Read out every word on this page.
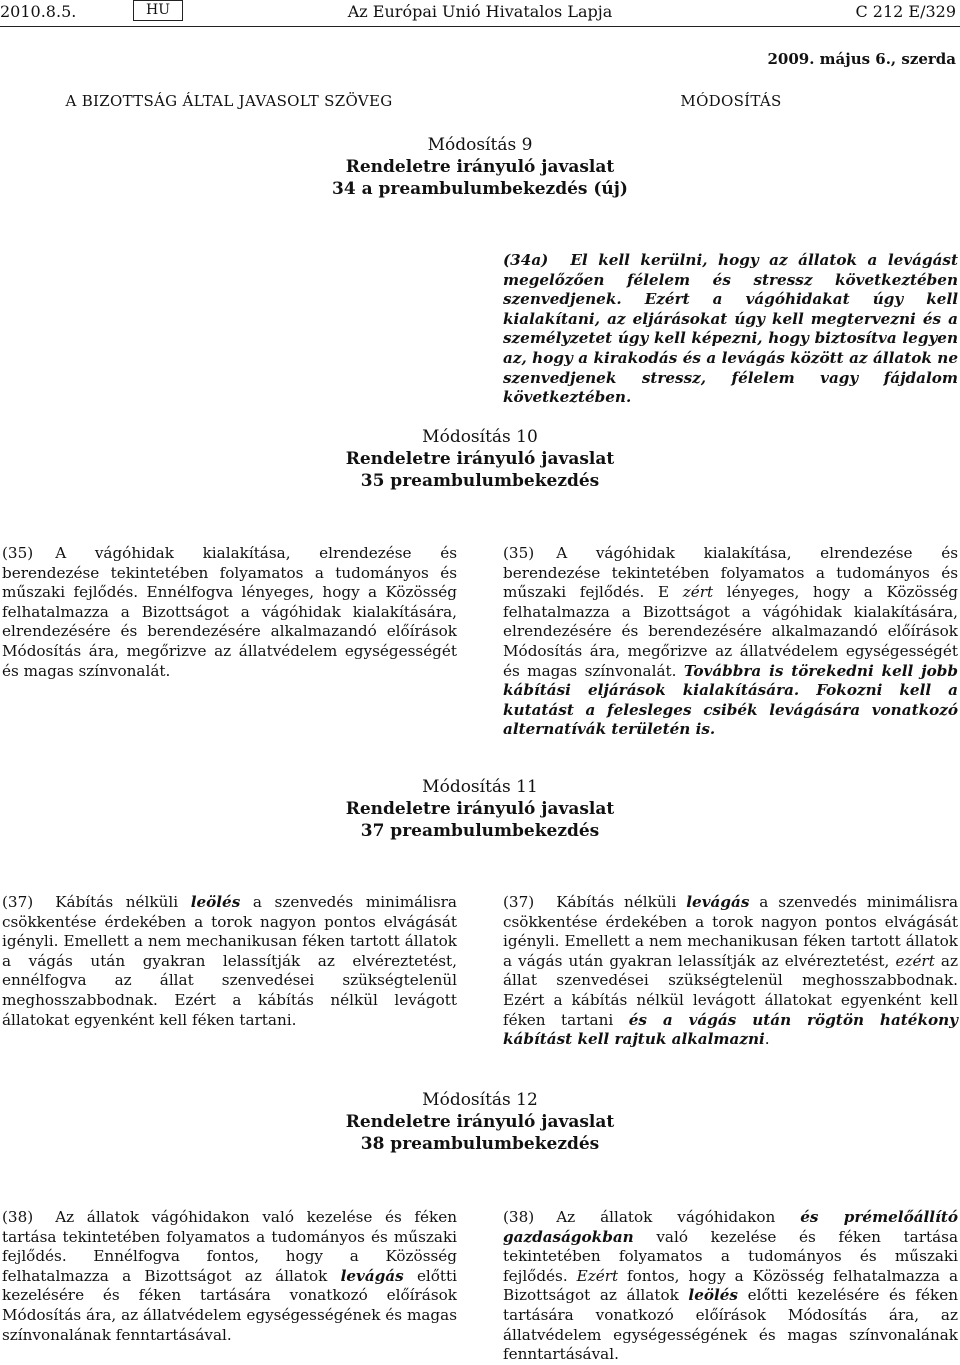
2010.8.5.	HU	Az Európai Unió Hivatalos Lapja	C 212 E/329
2009. május 6., szerda
A BIZOTTSÁG ÁLTAL JAVASOLT SZÖVEG	MÓDOSÍTÁS
Módosítás 9
Rendeletre irányuló javaslat
34 a preambulumbekezdés (új)
(34a) El kell kerülni, hogy az állatok a levágást megelőzően félelem és stressz következtében szenvedjenek. Ezért a vágóhidakat úgy kell kialakítani, az eljárásokat úgy kell megtervezni és a személyzetet úgy kell képezni, hogy biztosítva legyen az, hogy a kirakodás és a levágás között az állatok ne szenvedjenek stressz, félelem vagy fájdalom következtében.
Módosítás 10
Rendeletre irányuló javaslat
35 preambulumbekezdés
(35) A vágóhidak kialakítása, elrendezése és berendezése tekintetében folyamatos a tudományos és műszaki fejlődés. Ennélfogva lényeges, hogy a Közösség felhatalmazza a Bizottságot a vágóhidak kialakítására, elrendezésére és berendezésére alkalmazandó előírások Módosítás ára, megőrizve az állatvédelem egységességét és magas színvonalát.
(35) A vágóhidak kialakítása, elrendezése és berendezése tekintetében folyamatos a tudományos és műszaki fejlődés. E zért lényeges, hogy a Közösség felhatalmazza a Bizottságot a vágóhidak kialakítására, elrendezésére és berendezésére alkalmazandó előírások Módosítás ára, megőrizve az állatvédelem egységességét és magas színvonalát. Továbbra is törekedni kell jobb kábítási eljárások kialakítására. Fokozni kell a kutatást a felesleges csibék levágására vonatkozó alternatívák területén is.
Módosítás 11
Rendeletre irányuló javaslat
37 preambulumbekezdés
(37) Kábítás nélküli leölés a szenvedés minimálisra csökkentése érdekében a torok nagyon pontos elvágását igényli. Emellett a nem mechanikusan féken tartott állatok a vágás után gyakran lelassítják az elvéreztetést, ennélfogva az állat szenvedései szükségtelenül meghosszabbodnak. Ezért a kábítás nélkül levágott állatokat egyenként kell féken tartani.
(37) Kábítás nélküli levágás a szenvedés minimálisra csökkentése érdekében a torok nagyon pontos elvágását igényli. Emellett a nem mechanikusan féken tartott állatok a vágás után gyakran lelassítják az elvéreztetést, ezért az állat szenvedései szükségtelenül meghosszabbodnak. Ezért a kábítás nélkül levágott állatokat egyenként kell féken tartani és a vágás után rögtön hatékony kábítást kell rajtuk alkalmazni.
Módosítás 12
Rendeletre irányuló javaslat
38 preambulumbekezdés
(38) Az állatok vágóhidakon való kezelése és féken tartása tekintetében folyamatos a tudományos és műszaki fejlődés. Ennélfogva fontos, hogy a Közösség felhatalmazza a Bizottságot az állatok levágás előtti kezelésére és féken tartására vonatkozó előírások Módosítás ára, az állatvédelem egységességének és magas színvonalának fenntartásával.
(38) Az állatok vágóhidakon és prémelőállító gazdaságokban való kezelése és féken tartása tekintetében folyamatos a tudományos és műszaki fejlődés. Ezért fontos, hogy a Közösség felhatalmazza a Bizottságot az állatok leölés előtti kezelésére és féken tartására vonatkozó előírások Módosítás ára, az állatvédelem egységességének és magas színvonalának fenntartásával.
